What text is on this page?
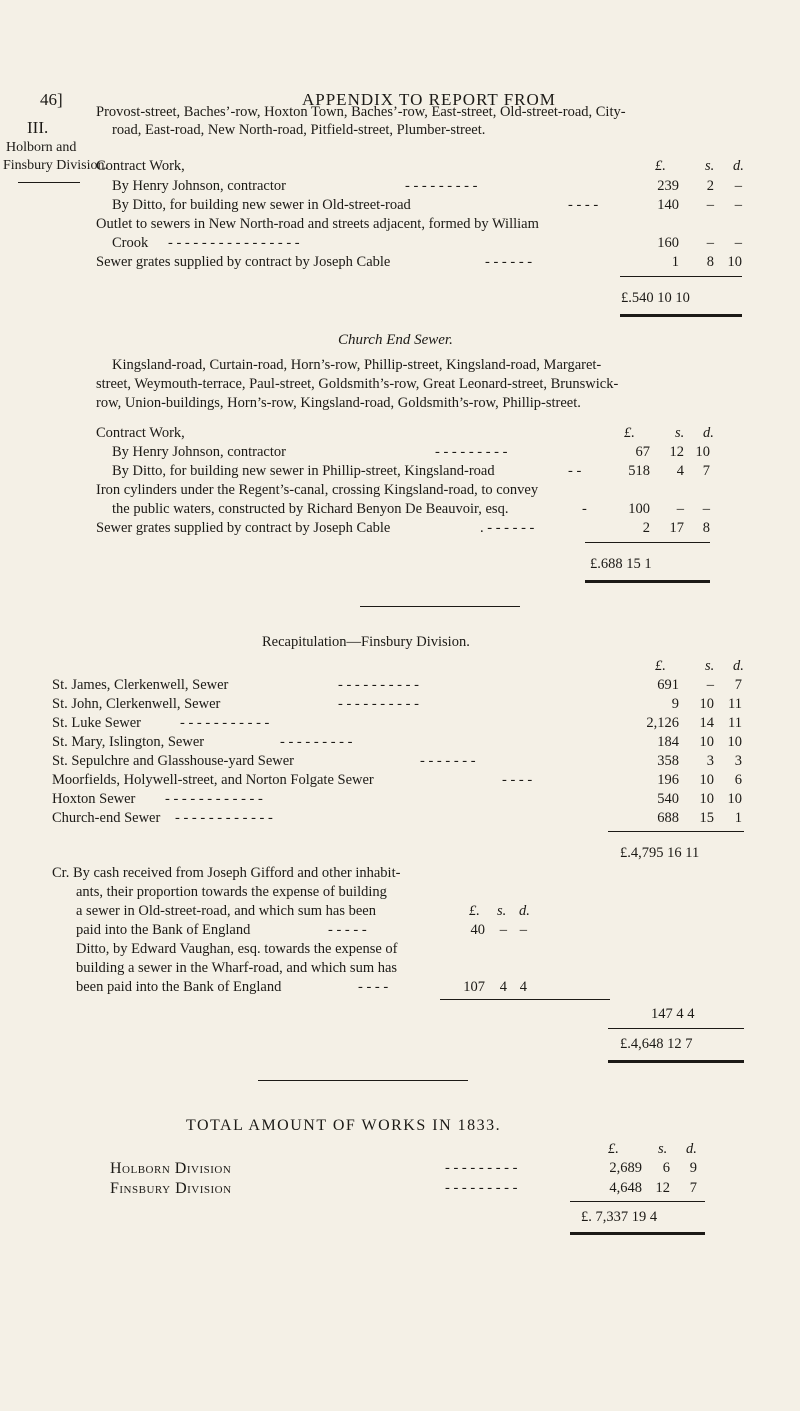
46]	APPENDIX TO REPORT FROM
III.
Holborn and
Finsbury Division.
Provost-street, Baches’-row, Hoxton Town, Baches’-row, East-street, Old-street-road, City-
road, East-road, New North-road, Pitfield-street, Plumber-street.
Contract Work,	£.	s. d.
By Henry Johnson, contractor	- - - - - - - - -	239	2	–
By Ditto, for building new sewer in Old-street-road	- - - -	140	–	–
Outlet to sewers in New North-road and streets adjacent, formed by William
Crook - - - - - - - - - - - - - - - -	160	–	–
Sewer grates supplied by contract by Joseph Cable	- - - - - -	1	8 10
£.540 10 10
Church End Sewer.
Kingsland-road, Curtain-road, Horn’s-row, Phillip-street, Kingsland-road, Margaret-
street, Weymouth-terrace, Paul-street, Goldsmith’s-row, Great Leonard-street, Brunswick-
row, Union-buildings, Horn’s-row, Kingsland-road, Goldsmith’s-row, Phillip-street.
Contract Work,	£.	s. d.
By Henry Johnson, contractor	- - - - - - - - -	67	12 10
By Ditto, for building new sewer in Phillip-street, Kingsland-road	- -	518	4	7
Iron cylinders under the Regent’s-canal, crossing Kingsland-road, to convey
the public waters, constructed by Richard Benyon De Beauvoir, esq.	-	100	–	–
Sewer grates supplied by contract by Joseph Cable	. - - - - - -	2	17	8
£.688 15 1
Recapitulation—Finsbury Division.
£.	s. d.
St. James, Clerkenwell, Sewer	- - - - - - - - - -	691	–	7
St. John, Clerkenwell, Sewer	- - - - - - - - - -	9	10 11
St. Luke Sewer	- - - - - - - - - - -	2,126	14 11
St. Mary, Islington, Sewer	- - - - - - - - -	184	10 10
St. Sepulchre and Glasshouse-yard Sewer	- - - - - - -	358	3	3
Moorfields, Holywell-street, and Norton Folgate Sewer	- - - -	196	10	6
Hoxton Sewer - - - - - - - - - - - -	540	10 10
Church-end Sewer - - - - - - - - - - - -	688	15	1
£.4,795 16 11
Cr. By cash received from Joseph Gifford and other inhabit-
ants, their proportion towards the expense of building
a sewer in Old-street-road, and which sum has been	£. s. d.
paid into the Bank of England	- - - - -	40	– –
Ditto, by Edward Vaughan, esq. towards the expense of
building a sewer in the Wharf-road, and which sum has
been paid into the Bank of England	- - - -	107	4 4
147 4 4
£.4,648 12 7
TOTAL AMOUNT OF WORKS IN 1833.
£.	s. d.
Holborn Division	- - - - - - - - -	2,689	6	9
Finsbury Division	- - - - - - - - -	4,648 12	7
£. 7,337 19 4
